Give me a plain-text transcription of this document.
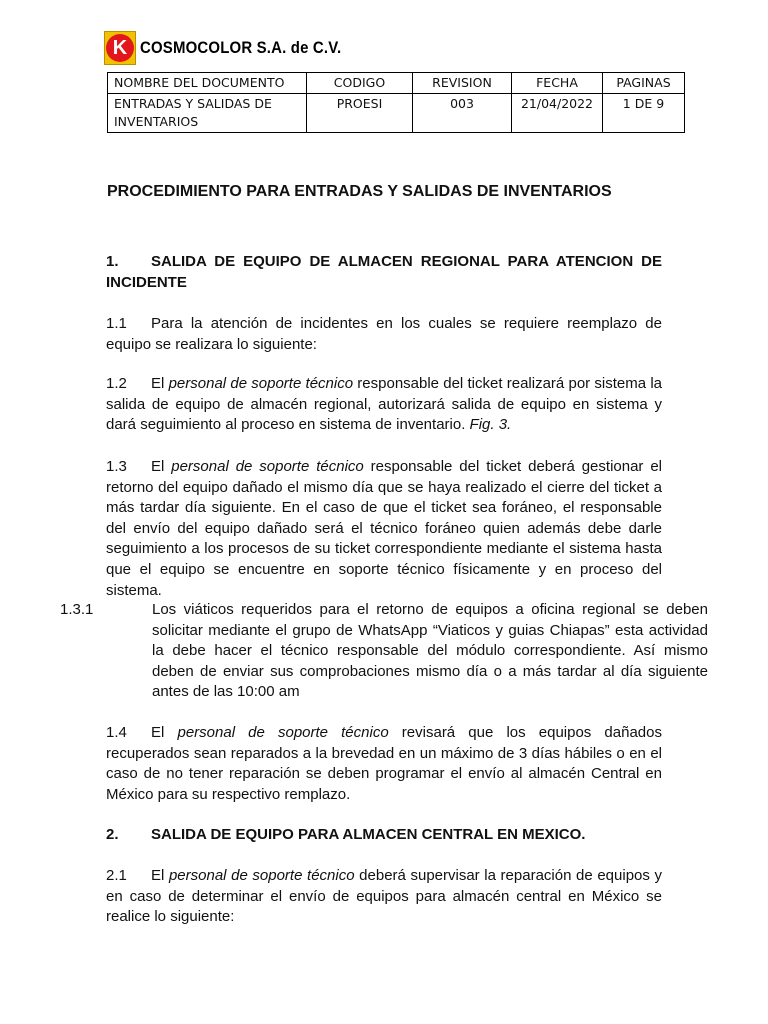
K COSMOCOLOR S.A. de C.V.
NOMBRE DEL DOCUMENTO	CODIGO	REVISION	FECHA	PAGINAS
ENTRADAS Y SALIDAS DE INVENTARIOS	PROESI	003	21/04/2022	1 DE 9
PROCEDIMIENTO PARA ENTRADAS Y SALIDAS DE INVENTARIOS

1. SALIDA DE EQUIPO DE ALMACEN REGIONAL PARA ATENCION DE INCIDENTE

1.1 Para la atención de incidentes en los cuales se requiere reemplazo de equipo se realizara lo siguiente:

1.2 El personal de soporte técnico responsable del ticket realizará por sistema la salida de equipo de almacén regional, autorizará salida de equipo en sistema y dará seguimiento al proceso en sistema de inventario. Fig. 3.

1.3 El personal de soporte técnico responsable del ticket deberá gestionar el retorno del equipo dañado el mismo día que se haya realizado el cierre del ticket a más tardar día siguiente. En el caso de que el ticket sea foráneo, el responsable del envío del equipo dañado será el técnico foráneo quien además debe darle seguimiento a los procesos de su ticket correspondiente mediante el sistema hasta que el equipo se encuentre en soporte técnico físicamente y en proceso del sistema.

1.3.1	Los viáticos requeridos para el retorno de equipos a oficina regional se deben solicitar mediante el grupo de WhatsApp “Viaticos y guias Chiapas” esta actividad la debe hacer el técnico responsable del módulo correspondiente. Así mismo deben de enviar sus comprobaciones mismo día o a más tardar al día siguiente antes de las 10:00 am

1.4 El personal de soporte técnico revisará que los equipos dañados recuperados sean reparados a la brevedad en un máximo de 3 días hábiles o en el caso de no tener reparación se deben programar el envío al almacén Central en México para su respectivo remplazo.

2. SALIDA DE EQUIPO PARA ALMACEN CENTRAL EN MEXICO.

2.1 El personal de soporte técnico deberá supervisar la reparación de equipos y en caso de determinar el envío de equipos para almacén central en México se realice lo siguiente:
